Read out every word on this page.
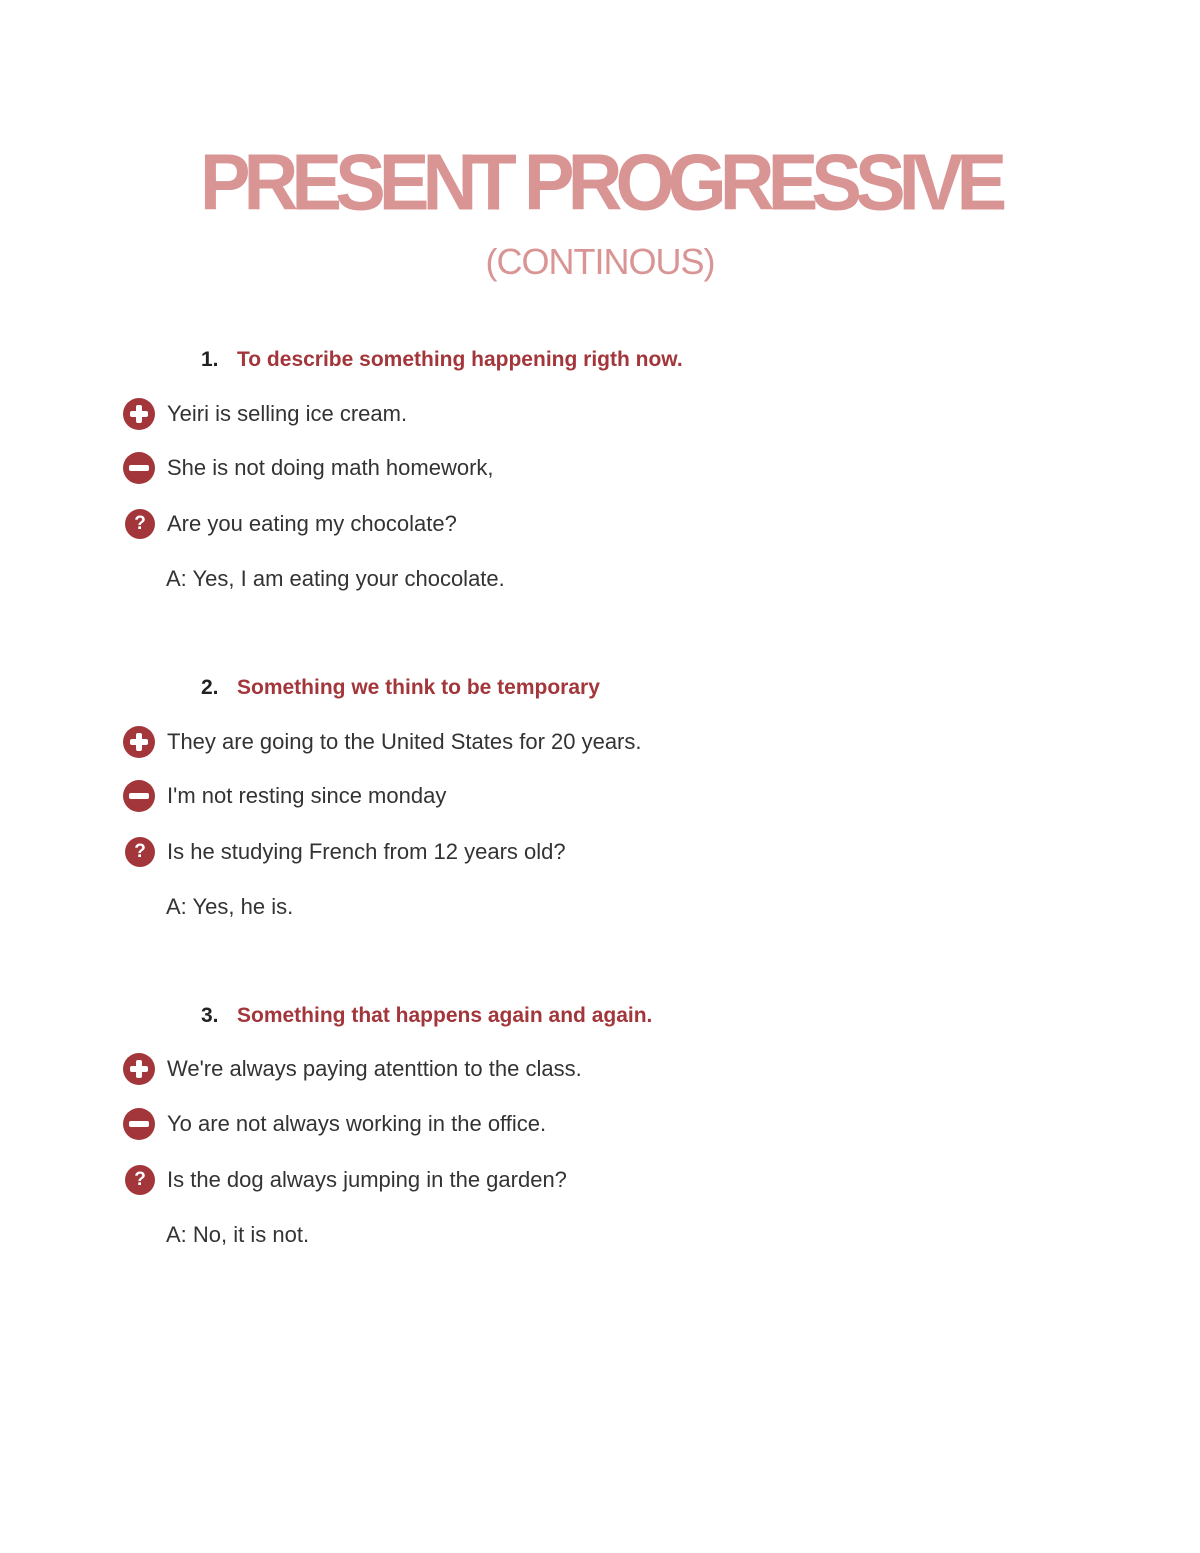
PRESENT PROGRESSIVE
(CONTINOUS)
1. To describe something happening rigth now.
Yeiri is selling ice cream.
She is not doing math homework,
? Are you eating my chocolate?
A: Yes, I am eating your chocolate.
2. Something we think to be temporary
They are going to the United States for 20 years.
I'm not resting since monday
? Is he studying French from 12 years old?
A: Yes, he is.
3. Something that happens again and again.
We're always paying atenttion to the class.
Yo are not always working in the office.
? Is the dog always jumping in the garden?
A: No, it is not.
